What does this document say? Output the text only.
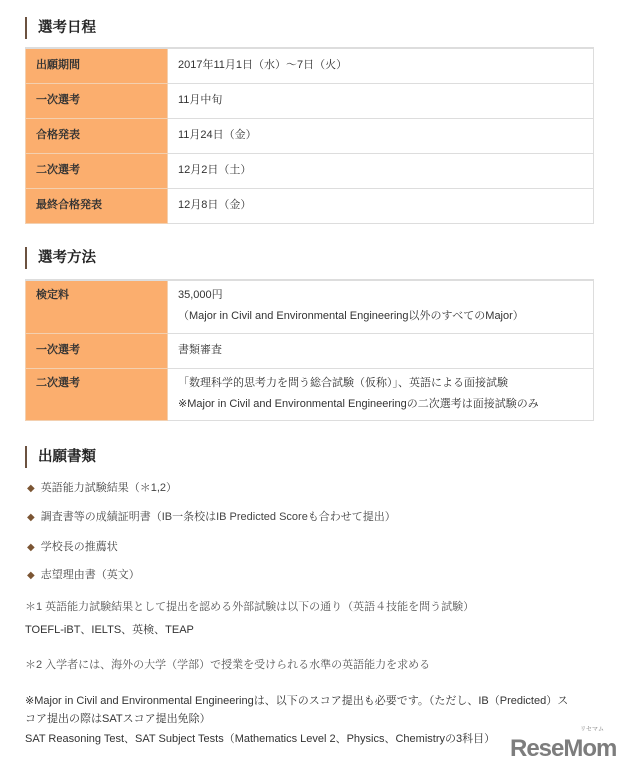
選考日程
出願期間	2017年11月1日（水）～7日（火）
一次選考	11月中旬
合格発表	11月24日（金）
二次選考	12月2日（土）
最終合格発表	12月8日（金）
選考方法
検定料	35,000円
（Major in Civil and Environmental Engineering以外のすべてのMajor）

一次選考	書類審査

二次選考	「数理科学的思考力を問う総合試験（仮称）」、英語による面接試験
※Major in Civil and Environmental Engineeringの二次選考は面接試験のみ
出願書類
◆ 英語能力試験結果（＊1,2）
◆ 調査書等の成績証明書（IB一条校はIB Predicted Scoreも合わせて提出）
◆ 学校長の推薦状
◆ 志望理由書（英文）
＊1 英語能力試験結果として提出を認める外部試験は以下の通り（英語４技能を問う試験）
TOEFL-iBT、IELTS、英検、TEAP
＊2 入学者には、海外の大学（学部）で授業を受けられる水準の英語能力を求める
※Major in Civil and Environmental Engineeringは、以下のスコア提出も必要です。（ただし、IB（Predicted）ス
コア提出の際はSATスコア提出免除）
SAT Reasoning Test、SAT Subject Tests（Mathematics Level 2、Physics、Chemistryの3科目） ReseMom
リセマム
